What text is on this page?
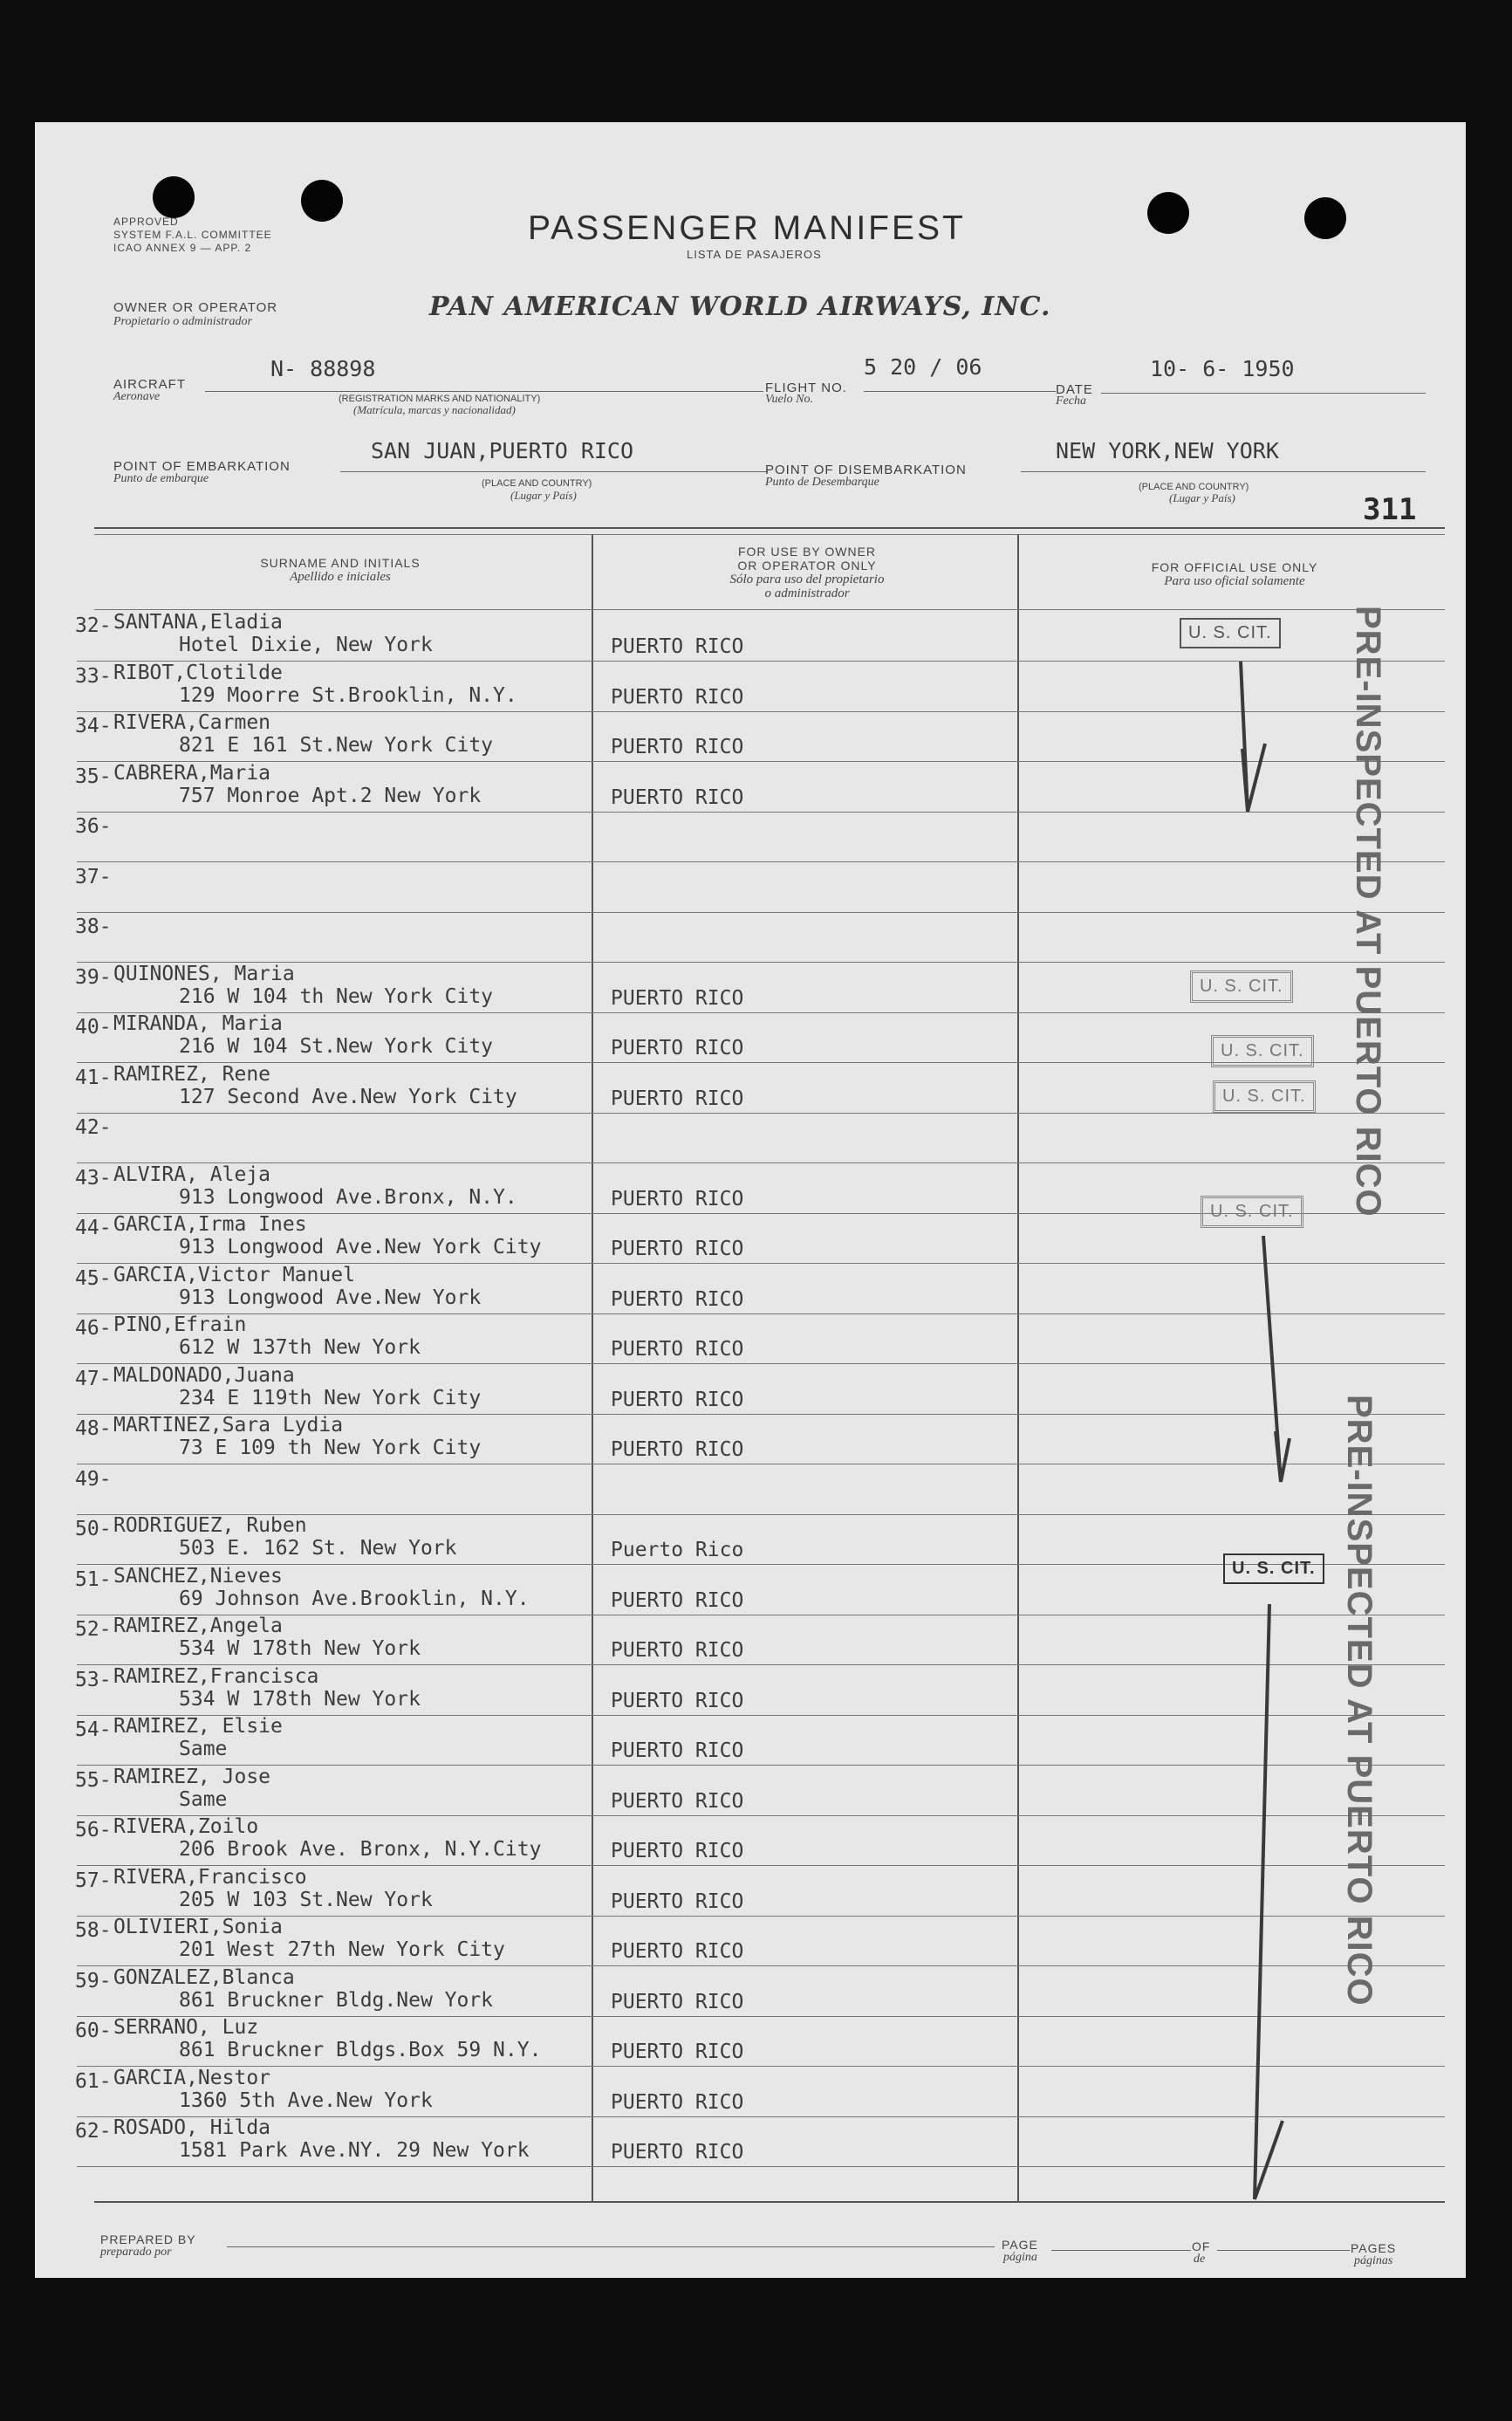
APPROVED
SYSTEM F.A.L. COMMITTEE
ICAO ANNEX 9 — APP. 2
PASSENGER MANIFEST
LISTA DE PASAJEROS
OWNER OR OPERATOR
Propietario o administrador	PAN AMERICAN WORLD AIRWAYS, INC.
AIRCRAFT
Aeronave
N- 88898
(REGISTRATION MARKS AND NATIONALITY)
(Matrícula, marcas y nacionalidad)
FLIGHT NO.
Vuelo No.
5 20 / 06
DATE
Fecha
10- 6- 1950
POINT OF EMBARKATION
Punto de embarque
SAN JUAN,PUERTO RICO
(PLACE AND COUNTRY)
(Lugar y País)
POINT OF DISEMBARKATION
Punto de Desembarque
NEW YORK,NEW YORK
(PLACE AND COUNTRY)
(Lugar y País)	311
SURNAME AND INITIALS
Apellido e iniciales
FOR USE BY OWNER
OR OPERATOR ONLY
Sólo para uso del propietario
o administrador
FOR OFFICIAL USE ONLY
Para uso oficial solamente
32- SANTANA,Eladia
Hotel Dixie, New York	PUERTO RICO
33- RIBOT,Clotilde
129 Moorre St.Brooklin, N.Y.	PUERTO RICO
34- RIVERA,Carmen
821 E 161 St.New York City	PUERTO RICO
35- CABRERA,Maria
757 Monroe Apt.2 New York	PUERTO RICO
36-
37-
38-
39- QUINONES, Maria
216 W 104 th New York City	PUERTO RICO
40- MIRANDA, Maria
216 W 104 St.New York City	PUERTO RICO
41- RAMIREZ, Rene
127 Second Ave.New York City	PUERTO RICO
42-
43- ALVIRA, Aleja
913 Longwood Ave.Bronx, N.Y.	PUERTO RICO
44- GARCIA,Irma Ines
913 Longwood Ave.New York City	PUERTO RICO
45- GARCIA,Victor Manuel
913 Longwood Ave.New York	PUERTO RICO
46- PINO,Efrain
612 W 137th New York	PUERTO RICO
47- MALDONADO,Juana
234 E 119th New York City	PUERTO RICO
48- MARTINEZ,Sara Lydia
73 E 109 th New York City	PUERTO RICO
49-
50- RODRIGUEZ, Ruben
503 E. 162 St. New York	Puerto Rico
51- SANCHEZ,Nieves
69 Johnson Ave.Brooklin, N.Y.	PUERTO RICO
52- RAMIREZ,Angela
534 W 178th New York	PUERTO RICO
53- RAMIREZ,Francisca
534 W 178th New York	PUERTO RICO
54- RAMIREZ, Elsie
Same	PUERTO RICO
55- RAMIREZ, Jose
Same	PUERTO RICO
56- RIVERA,Zoilo
206 Brook Ave. Bronx, N.Y.City	PUERTO RICO
57- RIVERA,Francisco
205 W 103 St.New York	PUERTO RICO
58- OLIVIERI,Sonia
201 West 27th New York City	PUERTO RICO
59- GONZALEZ,Blanca
861 Bruckner Bldg.New York	PUERTO RICO
60- SERRANO, Luz
861 Bruckner Bldgs.Box 59 N.Y.	PUERTO RICO
61- GARCIA,Nestor
1360 5th Ave.New York	PUERTO RICO
62- ROSADO, Hilda
1581 Park Ave.NY. 29 New York	PUERTO RICO
U. S. CIT.
U. S. CIT.
U. S. CIT.
U. S. CIT.
U. S. CIT.
U. S. CIT.
PRE-INSPECTED AT PUERTO RICO
PRE-INSPECTED AT PUERTO RICO
PREPARED BY
preparado por
PAGE
página
OF
de
PAGES
páginas
